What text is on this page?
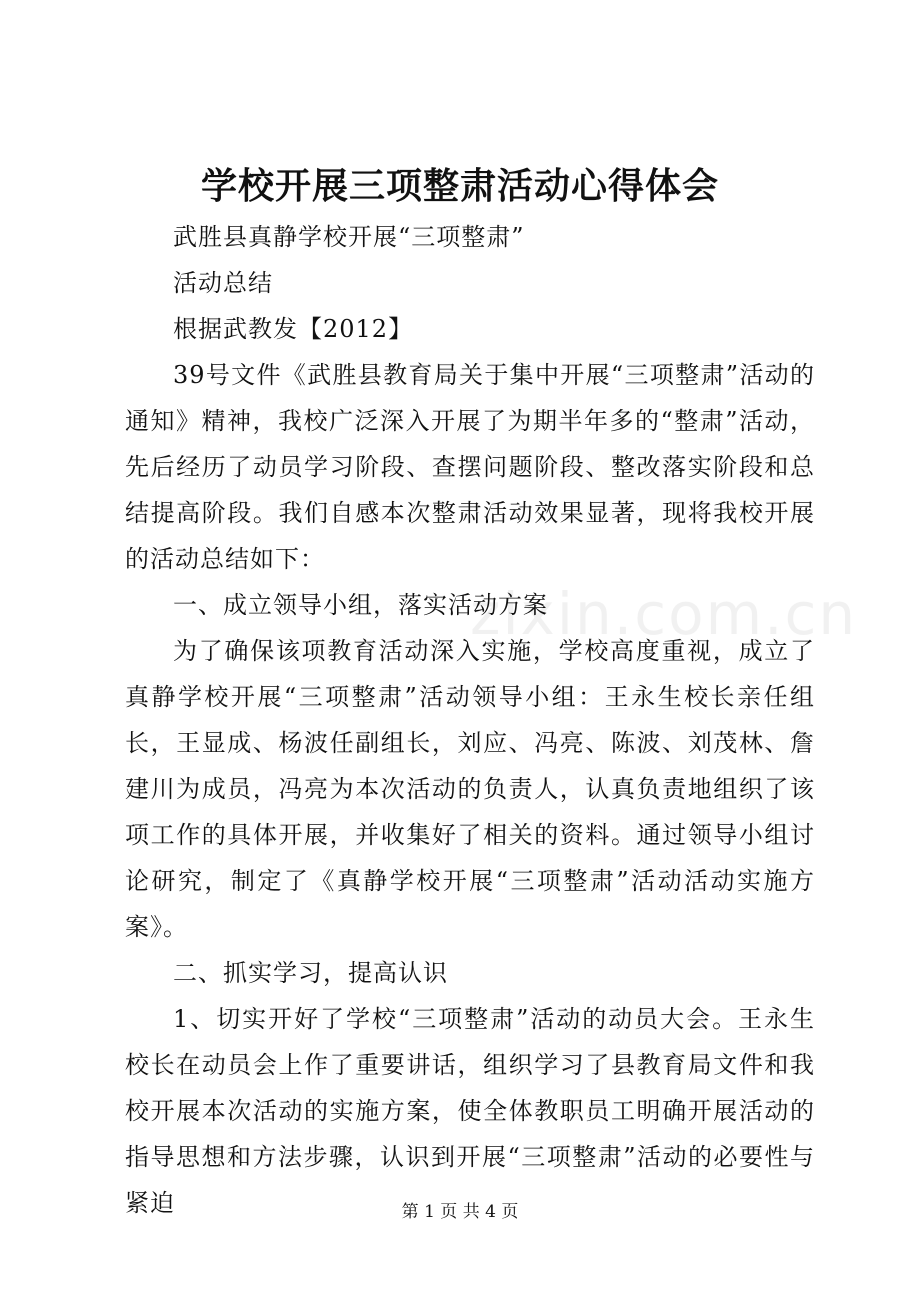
学校开展三项整肃活动心得体会
zixin.com.cn

武胜县真静学校开展“三项整肃”

活动总结

根据武教发【2012】

39号文件《武胜县教育局关于集中开展“三项整肃”活动的通知》精神，我校广泛深入开展了为期半年多的“整肃”活动，先后经历了动员学习阶段、查摆问题阶段、整改落实阶段和总结提高阶段。我们自感本次整肃活动效果显著，现将我校开展的活动总结如下：

一、成立领导小组，落实活动方案

为了确保该项教育活动深入实施，学校高度重视，成立了真静学校开展“三项整肃”活动领导小组：王永生校长亲任组长，王显成、杨波任副组长，刘应、冯亮、陈波、刘茂林、詹建川为成员，冯亮为本次活动的负责人，认真负责地组织了该项工作的具体开展，并收集好了相关的资料。通过领导小组讨论研究，制定了《真静学校开展“三项整肃”活动活动实施方案》。

二、抓实学习，提高认识

1、切实开好了学校“三项整肃”活动的动员大会。王永生校长在动员会上作了重要讲话，组织学习了县教育局文件和我校开展本次活动的实施方案，使全体教职员工明确开展活动的指导思想和方法步骤，认识到开展“三项整肃”活动的必要性与紧迫	第 1 页 共 4 页
